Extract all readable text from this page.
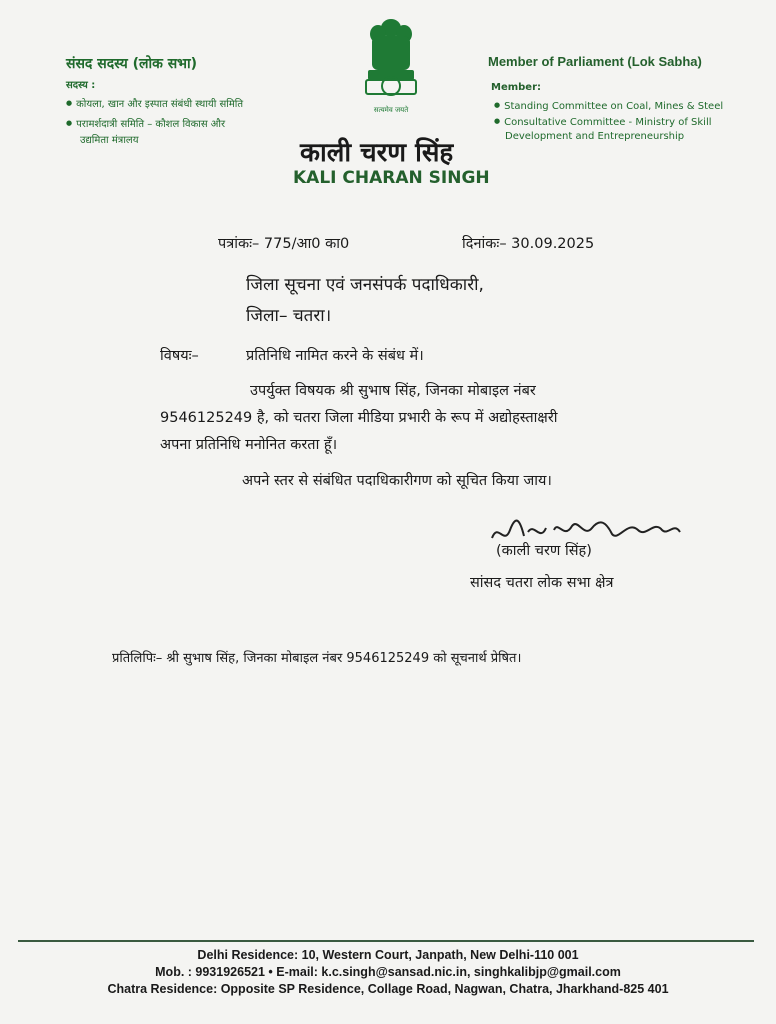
संसद सदस्य (लोक सभा)
सदस्य :
● कोयला, खान और इस्पात संबंधी स्थायी समिति
● परामर्शदात्री समिति – कौशल विकास और
उद्यमिता मंत्रालय
सत्यमेव जयते
काली चरण सिंह
KALI CHARAN SINGH
Member of Parliament (Lok Sabha)
Member:
● Standing Committee on Coal, Mines & Steel
● Consultative Committee - Ministry of Skill
Development and Entrepreneurship
पत्रांकः– 775/आ0 का0	दिनांकः– 30.09.2025
जिला सूचना एवं जनसंपर्क पदाधिकारी,
जिला– चतरा।
विषयः–	प्रतिनिधि नामित करने के संबंध में।
उपर्युक्त विषयक श्री सुभाष सिंह, जिनका मोबाइल नंबर
9546125249 है, को चतरा जिला मीडिया प्रभारी के रूप में अद्योहस्ताक्षरी
अपना प्रतिनिधि मनोनित करता हूँ।
अपने स्तर से संबंधित पदाधिकारीगण को सूचित किया जाय।
(काली चरण सिंह)
सांसद चतरा लोक सभा क्षेत्र
प्रतिलिपिः– श्री सुभाष सिंह, जिनका मोबाइल नंबर 9546125249 को सूचनार्थ प्रेषित।
Delhi Residence: 10, Western Court, Janpath, New Delhi-110 001
Mob. : 9931926521 • E-mail: k.c.singh@sansad.nic.in, singhkalibjp@gmail.com
Chatra Residence: Opposite SP Residence, Collage Road, Nagwan, Chatra, Jharkhand-825 401
